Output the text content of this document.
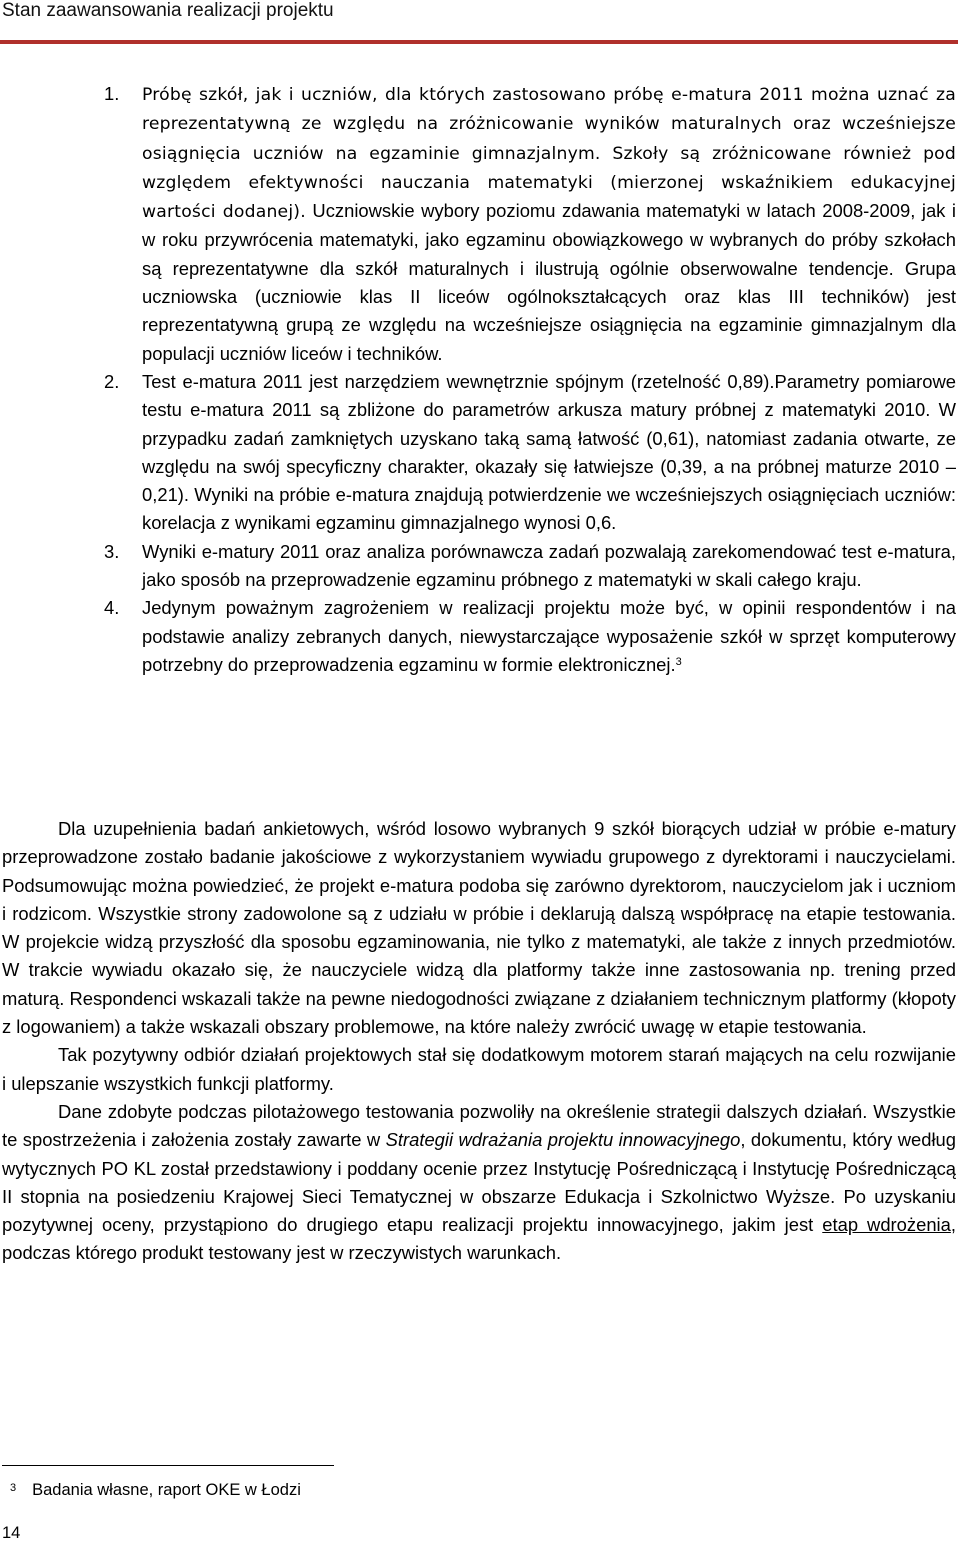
Stan zaawansowania realizacji projektu
1. Próbę szkół, jak i uczniów, dla których zastosowano próbę e-matura 2011 można uznać za reprezentatywną ze względu na zróżnicowanie wyników maturalnych oraz wcześniejsze osiągnięcia uczniów na egzaminie gimnazjalnym. Szkoły są zróżnicowane również pod względem efektywności nauczania matematyki (mierzonej wskaźnikiem edukacyjnej wartości dodanej). Uczniowskie wybory poziomu zdawania matematyki w latach 2008-2009, jak i w roku przywrócenia matematyki, jako egzaminu obowiązkowego w wybranych do próby szkołach są reprezentatywne dla szkół maturalnych i ilustrują ogólnie obserwowalne tendencje. Grupa uczniowska (uczniowie klas II liceów ogólnokształcących oraz klas III techników) jest reprezentatywną grupą ze względu na wcześniejsze osiągnięcia na egzaminie gimnazjalnym dla populacji uczniów liceów i techników.
2. Test e-matura 2011 jest narzędziem wewnętrznie spójnym (rzetelność 0,89).Parametry pomiarowe testu e-matura 2011 są zbliżone do parametrów arkusza matury próbnej z matematyki 2010. W przypadku zadań zamkniętych uzyskano taką samą łatwość (0,61), natomiast zadania otwarte, ze względu na swój specyficzny charakter, okazały się łatwiejsze (0,39, a na próbnej maturze 2010 – 0,21). Wyniki na próbie e-matura znajdują potwierdzenie we wcześniejszych osiągnięciach uczniów: korelacja z wynikami egzaminu gimnazjalnego wynosi 0,6.
3. Wyniki e-matury 2011 oraz analiza porównawcza zadań pozwalają zarekomendować test e-matura, jako sposób na przeprowadzenie egzaminu próbnego z matematyki w skali całego kraju.
4. Jedynym poważnym zagrożeniem w realizacji projektu może być, w opinii respondentów i na podstawie analizy zebranych danych, niewystarczające wyposażenie szkół w sprzęt komputerowy potrzebny do przeprowadzenia egzaminu w formie elektronicznej.$^3$

Dla uzupełnienia badań ankietowych, wśród losowo wybranych 9 szkół biorących udział w próbie e-matury przeprowadzone zostało badanie jakościowe z wykorzystaniem wywiadu grupowego z dyrektorami i nauczycielami. Podsumowując można powiedzieć, że projekt e-matura podoba się zarówno dyrektorom, nauczycielom jak i uczniom i rodzicom. Wszystkie strony zadowolone są z udziału w próbie i deklarują dalszą współpracę na etapie testowania. W projekcie widzą przyszłość dla sposobu egzaminowania, nie tylko z matematyki, ale także z innych przedmiotów. W trakcie wywiadu okazało się, że nauczyciele widzą dla platformy także inne zastosowania np. trening przed maturą. Respondenci wskazali także na pewne niedogodności związane z działaniem technicznym platformy (kłopoty z logowaniem) a także wskazali obszary problemowe, na które należy zwrócić uwagę w etapie testowania.

Tak pozytywny odbiór działań projektowych stał się dodatkowym motorem starań mających na celu rozwijanie i ulepszanie wszystkich funkcji platformy.

Dane zdobyte podczas pilotażowego testowania pozwoliły na określenie strategii dalszych działań. Wszystkie te spostrzeżenia i założenia zostały zawarte w Strategii wdrażania projektu innowacyjnego, dokumentu, który według wytycznych PO KL został przedstawiony i poddany ocenie przez Instytucję Pośredniczącą i Instytucję Pośredniczącą II stopnia na posiedzeniu Krajowej Sieci Tematycznej w obszarze Edukacja i Szkolnictwo Wyższe. Po uzyskaniu pozytywnej oceny, przystąpiono do drugiego etapu realizacji projektu innowacyjnego, jakim jest etap wdrożenia, podczas którego produkt testowany jest w rzeczywistych warunkach.

$^3$ Badania własne, raport OKE w Łodzi
14
